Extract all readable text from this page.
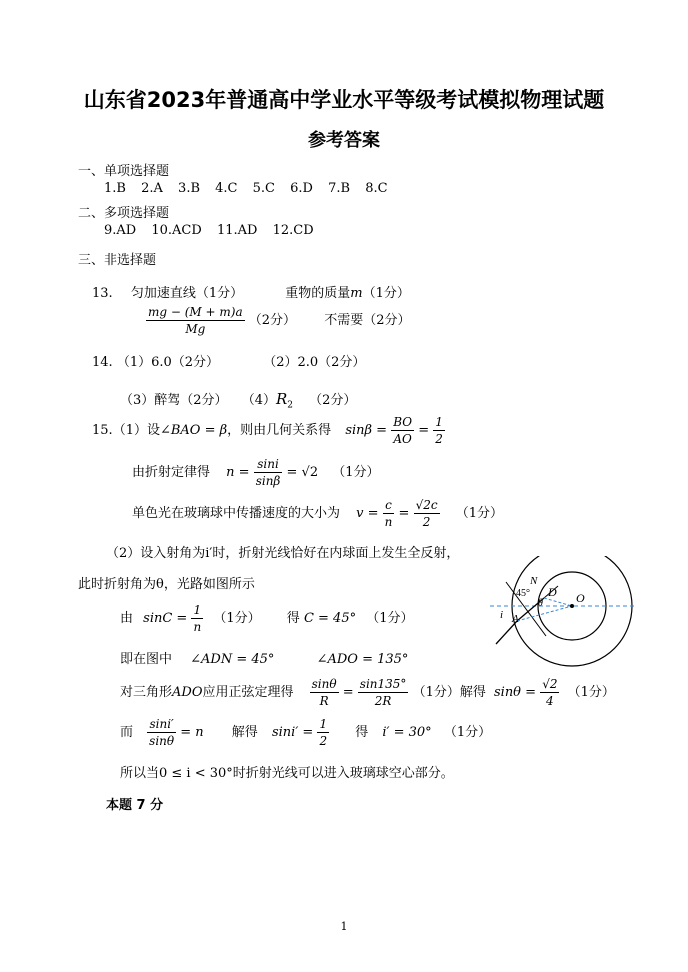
山东省2023年普通高中学业水平等级考试模拟物理试题
参考答案
一、单项选择题
1.B 2.A 3.B 4.C 5.C 6.D 7.B 8.C
二、多项选择题
9.AD 10.ACD 11.AD 12.CD
三、非选择题
13. 匀加速直线（1分）	重物的质量m（1分）
$\frac{mg - (M + m)a}{Mg} (2$分） 不需要（2分）
14. （1）6.0（2分）	（2）2.0（2分）
（3）醉驾（2分） $(4)R_2$ （2分）
15.（1）设∠BAO = β，则由几何关系得 $\sin\beta = \frac{BO}{AO} = \frac{1}{2}$
由折射定律得 $n = \frac{\sin i}{\sin\beta} = √2$ （1分）
单色光在玻璃球中传播速度的大小为 $v = \frac{c}{n} = \frac{√2c}{2} (1$分）
（2）设入射角为i′时，折射光线恰好在内球面上发生全反射，
此时折射角为θ，光路如图所示
由 $\sin C = \frac{1}{n} (1$分） 得 C = 45° （1分）
即在图中 ∠ADN = 45°	∠ADO = 135°
对三角形ADO应用正弦定理得 $\frac{\sin\theta}{R} = \frac{\sin 135^\circ}{2R} (1$分）解得 $\sin\theta = \frac{√2}{4} (1$分）
而 $\frac{\sin i'}{\sin\theta} = n$ 解得 $\sin i' = \frac{1}{2}$ 得 i′ = 30° （1分）
所以当0 ≤ i < 30°时折射光线可以进入玻璃球空心部分。
本题 7 分
N
45°
θ
D O
i A
1
